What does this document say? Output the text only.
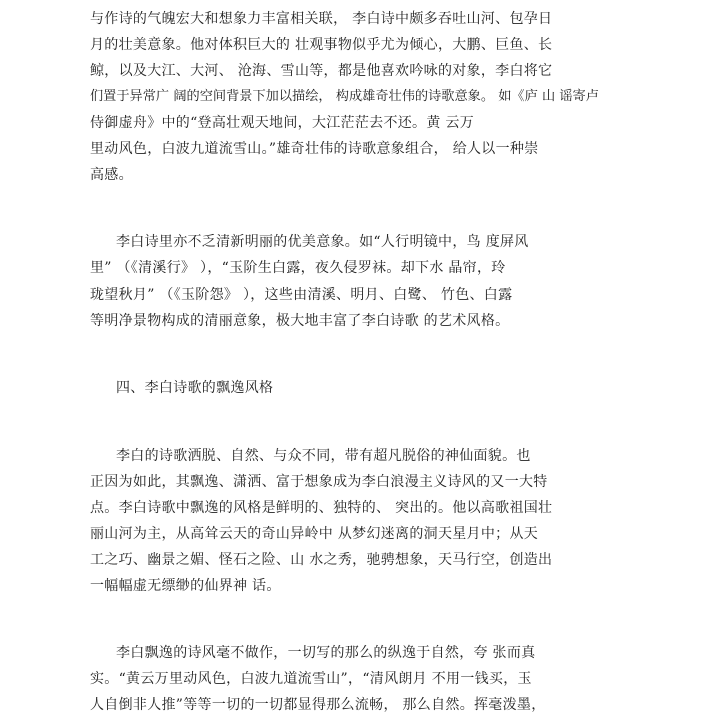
与作诗的气魄宏大和想象力丰富相关联， 李白诗中颇多吞吐山河、包孕日
月的壮美意象。他对体积巨大的 壮观事物似乎尤为倾心，大鹏、巨鱼、长
鲸，以及大江、大河、 沧海、雪山等，都是他喜欢吟咏的对象，李白将它
们置于异常广 阔的空间背景下加以描绘， 构成雄奇壮伟的诗歌意象。 如《庐 山 谣寄卢
侍御虚舟》中的“登高壮观天地间，大江茫茫去不还。黄 云万
里动风色，白波九道流雪山。”雄奇壮伟的诗歌意象组合， 给人以一种崇
高感。
李白诗里亦不乏清新明丽的优美意象。如“人行明镜中，鸟 度屏风
里” （《清溪行》 ），“玉阶生白露，夜久侵罗袜。却下水 晶帘，玲
珑望秋月” （《玉阶怨》 ），这些由清溪、明月、白鹭、 竹色、白露
等明净景物构成的清丽意象，极大地丰富了李白诗歌 的艺术风格。
四、李白诗歌的飘逸风格
李白的诗歌洒脱、自然、与众不同，带有超凡脱俗的神仙面貌。也
正因为如此，其飘逸、潇洒、富于想象成为李白浪漫主义诗风的又一大特
点。李白诗歌中飘逸的风格是鲜明的、独特的、 突出的。他以高歌祖国壮
丽山河为主，从高耸云天的奇山异岭中 从梦幻迷离的洞天星月中；从天
工之巧、幽景之媚、怪石之险、山 水之秀，驰骋想象，天马行空，创造出
一幅幅虚无缥缈的仙界神 话。
李白飘逸的诗风毫不做作，一切写的那么的纵逸于自然，夸 张而真
实。“黄云万里动风色，白波九道流雪山”，“清风朗月 不用一钱买，玉
人自倒非人推”等等一切的一切都显得那么流畅， 那么自然。挥毫泼墨，
